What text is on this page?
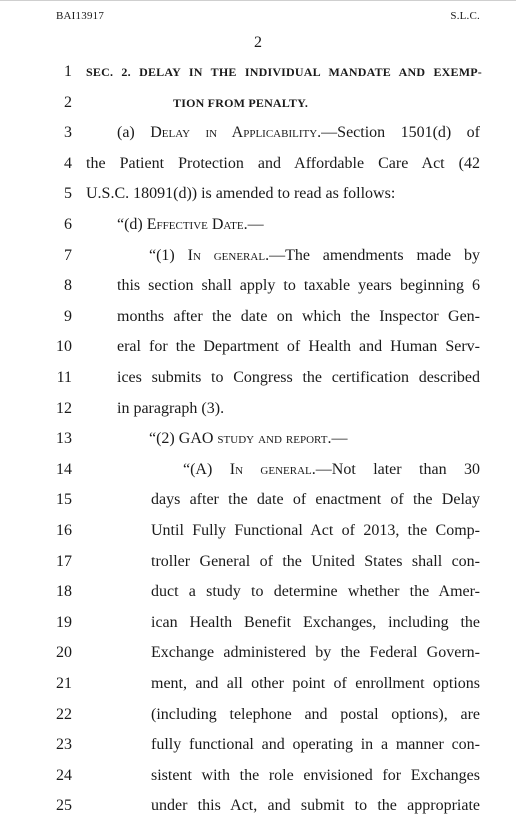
BAI13917	S.L.C.
2
1 SEC. 2. DELAY IN THE INDIVIDUAL MANDATE AND EXEMP-
2	TION FROM PENALTY.
3	(a) Delay in Applicability.—Section 1501(d) of
4 the Patient Protection and Affordable Care Act (42
5 U.S.C. 18091(d)) is amended to read as follows:
6	“(d) Effective Date.—
7	“(1) In general.—The amendments made by
8	this section shall apply to taxable years beginning 6
9	months after the date on which the Inspector Gen-
10	eral for the Department of Health and Human Serv-
11	ices submits to Congress the certification described
12	in paragraph (3).
13	“(2) GAO study and report.—
14	“(A) In general.—Not later than 30
15	days after the date of enactment of the Delay
16	Until Fully Functional Act of 2013, the Comp-
17	troller General of the United States shall con-
18	duct a study to determine whether the Amer-
19	ican Health Benefit Exchanges, including the
20	Exchange administered by the Federal Govern-
21	ment, and all other point of enrollment options
22	(including telephone and postal options), are
23	fully functional and operating in a manner con-
24	sistent with the role envisioned for Exchanges
25	under this Act, and submit to the appropriate
